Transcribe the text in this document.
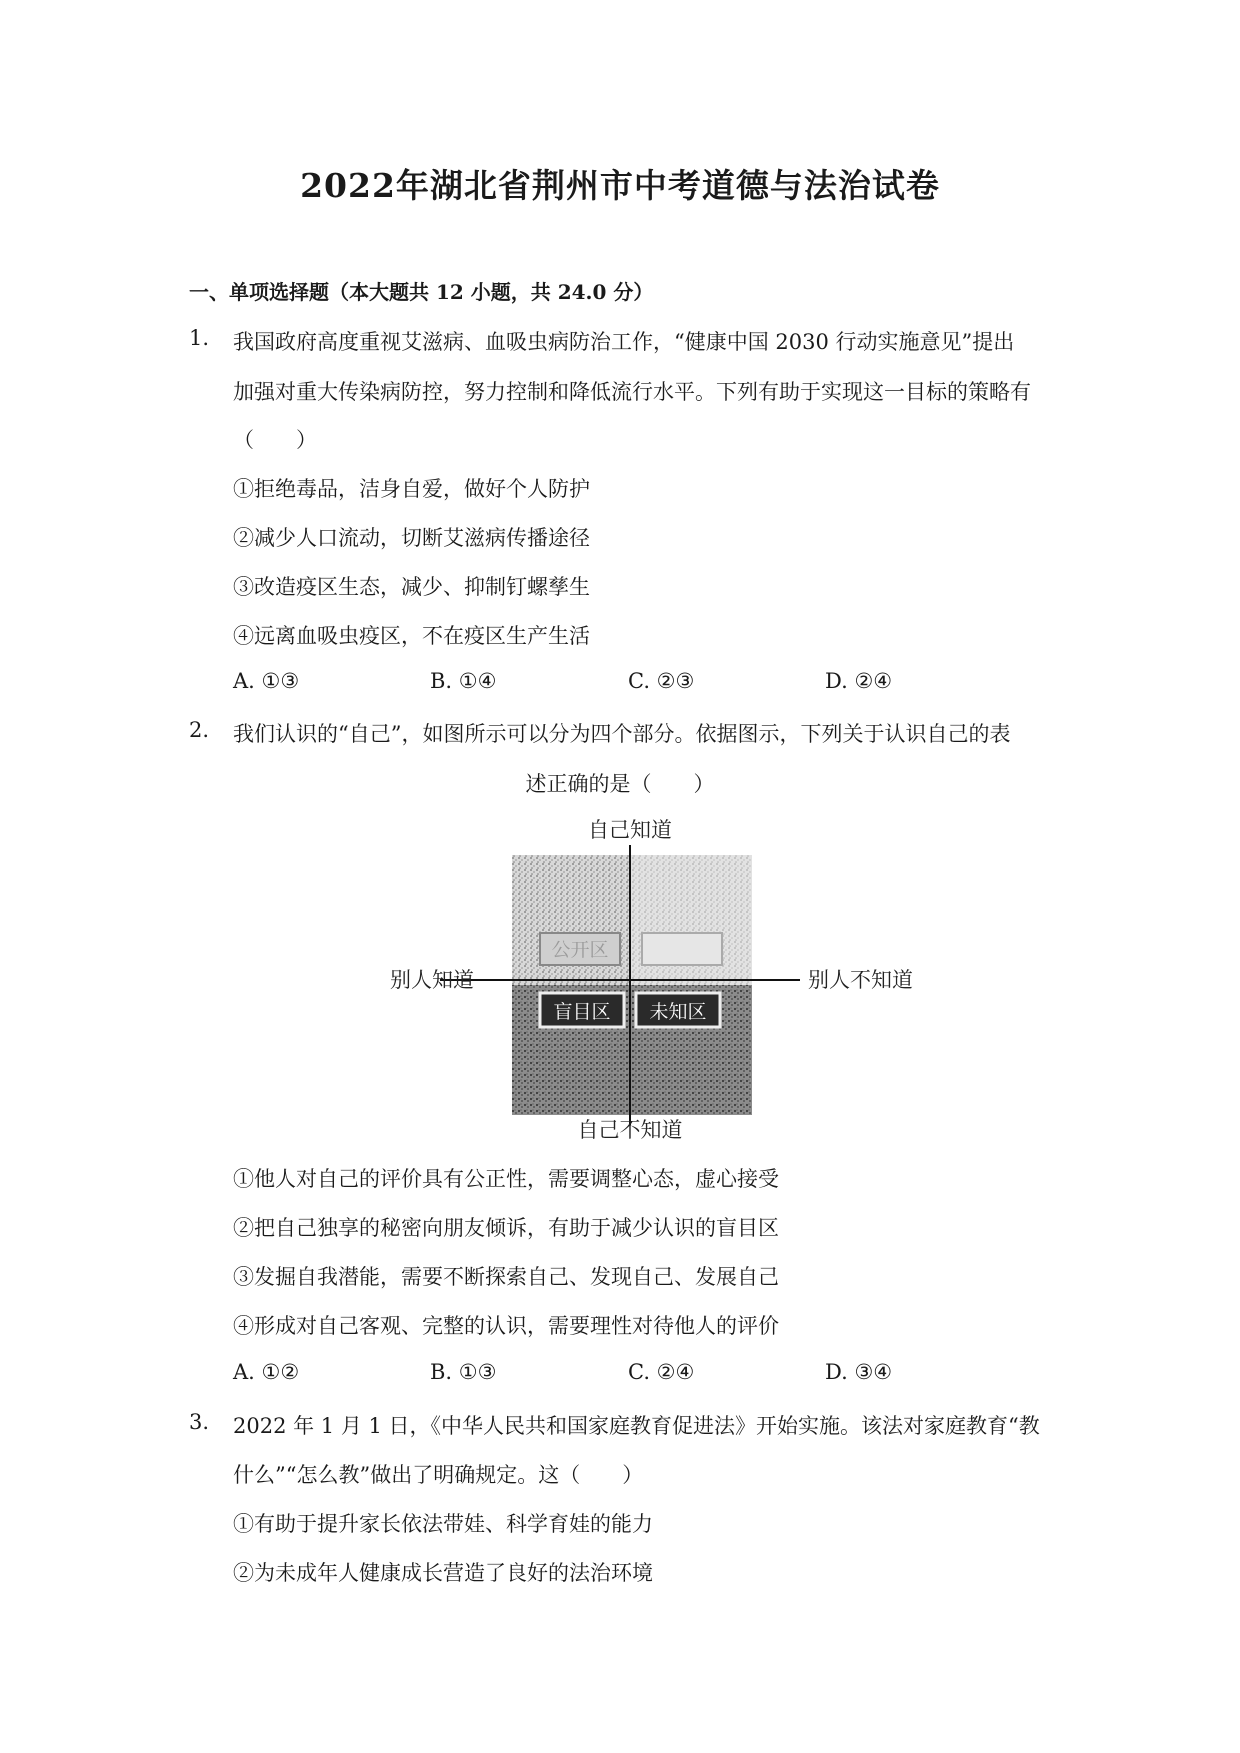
2022年湖北省荆州市中考道德与法治试卷
一、单项选择题（本大题共 12 小题，共 24.0 分）
1. 我国政府高度重视艾滋病、血吸虫病防治工作，“健康中国 2030 行动实施意见”提出
加强对重大传染病防控，努力控制和降低流行水平。下列有助于实现这一目标的策略有
（　　）
①拒绝毒品，洁身自爱，做好个人防护
②减少人口流动，切断艾滋病传播途径
③改造疫区生态，减少、抑制钉螺孳生
④远离血吸虫疫区，不在疫区生产生活
A. ①③	B. ①④	C. ②③	D. ②④
2. 我们认识的“自己”，如图所示可以分为四个部分。依据图示，下列关于认识自己的表
述正确的是（　　）
自己知道
公开区
盲目区 未知区
别人知道	别人不知道
自己不知道
①他人对自己的评价具有公正性，需要调整心态，虚心接受
②把自己独享的秘密向朋友倾诉，有助于减少认识的盲目区
③发掘自我潜能，需要不断探索自己、发现自己、发展自己
④形成对自己客观、完整的认识，需要理性对待他人的评价
A. ①②	B. ①③	C. ②④	D. ③④
3. 2022 年 1 月 1 日，《中华人民共和国家庭教育促进法》开始实施。该法对家庭教育“教
什么”“怎么教”做出了明确规定。这（　　）
①有助于提升家长依法带娃、科学育娃的能力
②为未成年人健康成长营造了良好的法治环境
